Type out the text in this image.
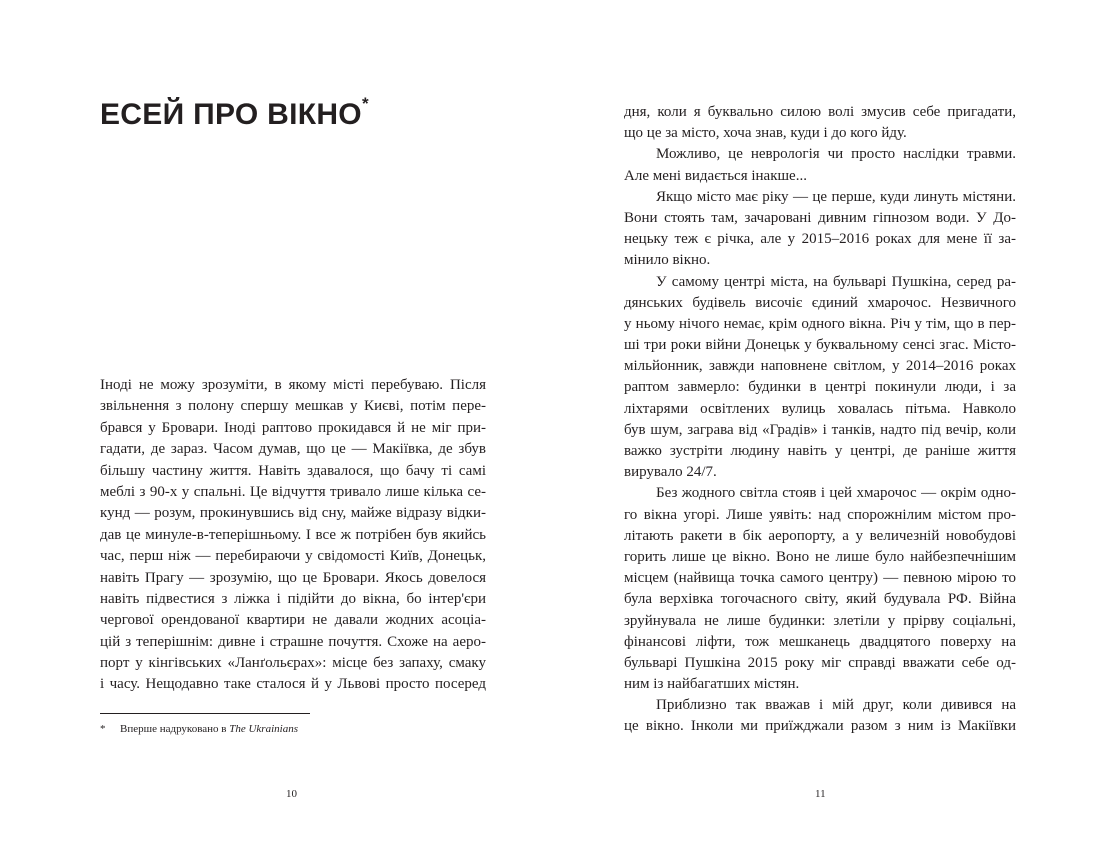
ЕСЕЙ ПРО ВІКНО*
Іноді не можу зрозуміти, в якому місті перебуваю. Після
звільнення з полону спершу мешкав у Києві, потім пере-
брався у Бровари. Іноді раптово прокидався й не міг при-
гадати, де зараз. Часом думав, що це — Макіївка, де збув
більшу частину життя. Навіть здавалося, що бачу ті самі
меблі з 90-х у спальні. Це відчуття тривало лише кілька се-
кунд — розум, прокинувшись від сну, майже відразу відки-
дав це минуле-в-теперішньому. І все ж потрібен був якийсь
час, перш ніж — перебираючи у свідомості Київ, Донецьк,
навіть Прагу — зрозумію, що це Бровари. Якось довелося
навіть підвестися з ліжка і підійти до вікна, бо інтер'єри
чергової орендованої квартири не давали жодних асоціа-
цій з теперішнім: дивне і страшне почуття. Схоже на аеро-
порт у кінгівських «Ланґольєрах»: місце без запаху, смаку
і часу. Нещодавно таке сталося й у Львові просто посеред
* Вперше надруковано в The Ukrainians
10
дня, коли я буквально силою волі змусив себе пригадати,
що це за місто, хоча знав, куди і до кого йду.
Можливо, це неврологія чи просто наслідки травми.
Але мені видається інакше...
Якщо місто має ріку — це перше, куди линуть містяни.
Вони стоять там, зачаровані дивним гіпнозом води. У До-
нецьку теж є річка, але у 2015–2016 роках для мене її за-
мінило вікно.
У самому центрі міста, на бульварі Пушкіна, серед ра-
дянських будівель височіє єдиний хмарочос. Незвичного
у ньому нічого немає, крім одного вікна. Річ у тім, що в пер-
ші три роки війни Донецьк у буквальному сенсі згас. Місто-
мільйонник, завжди наповнене світлом, у 2014–2016 роках
раптом завмерло: будинки в центрі покинули люди, і за
ліхтарями освітлених вулиць ховалась пітьма. Навколо
був шум, заграва від «Градів» і танків, надто під вечір, коли
важко зустріти людину навіть у центрі, де раніше життя
вирувало 24/7.
Без жодного світла стояв і цей хмарочос — окрім одно-
го вікна угорі. Лише уявіть: над спорожнілим містом про-
літають ракети в бік аеропорту, а у величезній новобудові
горить лише це вікно. Воно не лише було найбезпечнішим
місцем (найвища точка самого центру) — певною мірою то
була верхівка тогочасного світу, який будувала РФ. Війна
зруйнувала не лише будинки: злетіли у прірву соціальні,
фінансові ліфти, тож мешканець двадцятого поверху на
бульварі Пушкіна 2015 року міг справді вважати себе од-
ним із найбагатших містян.
Приблизно так вважав і мій друг, коли дивився на
це вікно. Інколи ми приїжджали разом з ним із Макіївки
11
